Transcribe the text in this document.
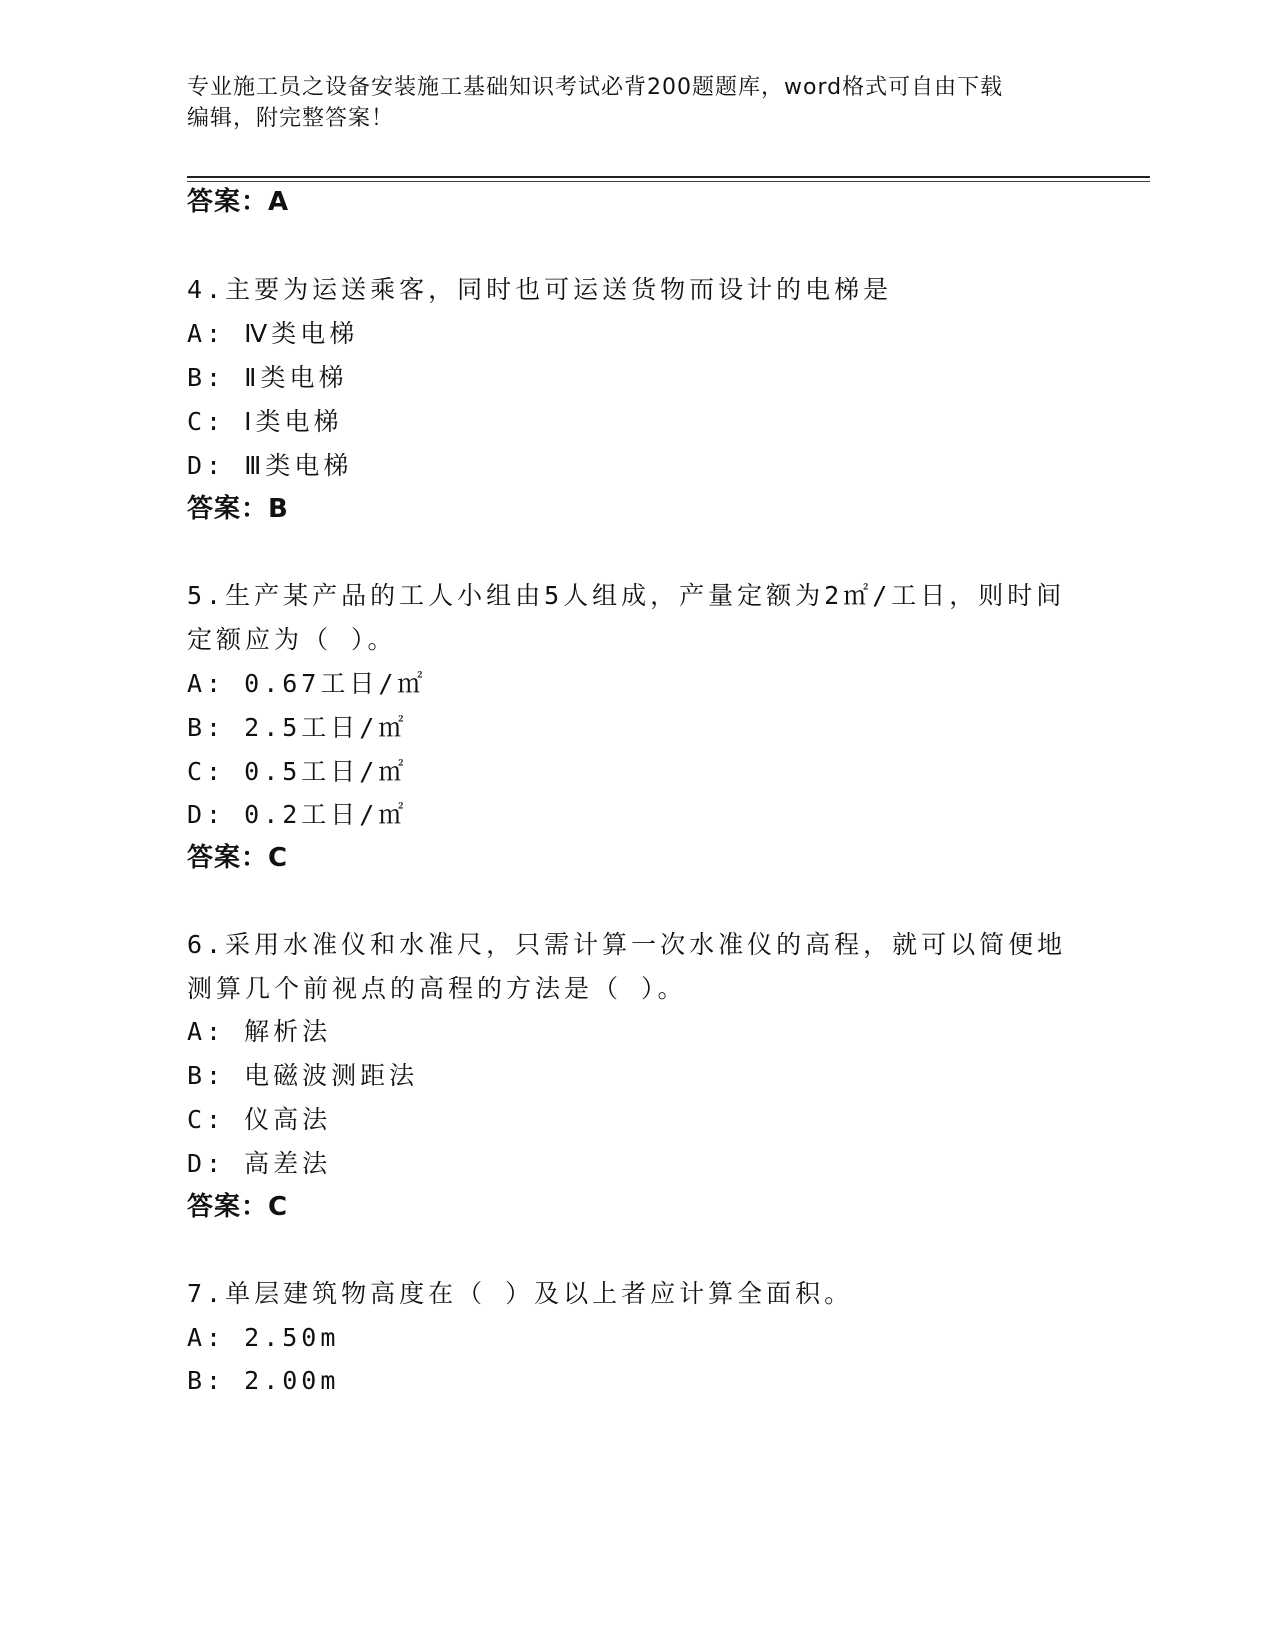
专业施工员之设备安装施工基础知识考试必背200题题库，word格式可自由下载
编辑，附完整答案！
答案：A
4.主要为运送乘客，同时也可运送货物而设计的电梯是
A: Ⅳ类电梯
B: Ⅱ类电梯
C: Ⅰ类电梯
D: Ⅲ类电梯
答案：B
5.生产某产品的工人小组由5人组成，产量定额为2㎡/工日，则时间
定额应为（ ）。
A: 0.67工日/㎡
B: 2.5工日/㎡
C: 0.5工日/㎡
D: 0.2工日/㎡
答案：C
6.采用水准仪和水准尺，只需计算一次水准仪的高程，就可以简便地
测算几个前视点的高程的方法是（ ）。
A: 解析法
B: 电磁波测距法
C: 仪高法
D: 高差法
答案：C
7.单层建筑物高度在（ ）及以上者应计算全面积。
A: 2.50m
B: 2.00m
